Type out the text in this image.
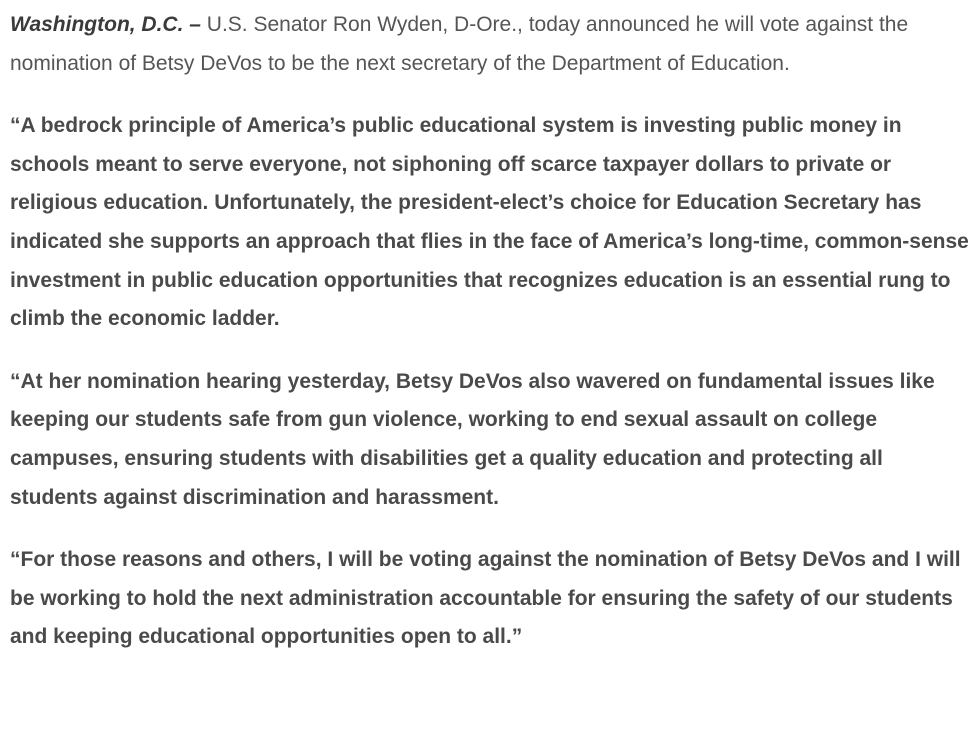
Washington, D.C. – U.S. Senator Ron Wyden, D-Ore., today announced he will vote against the nomination of Betsy DeVos to be the next secretary of the Department of Education.

“A bedrock principle of America’s public educational system is investing public money in schools meant to serve everyone, not siphoning off scarce taxpayer dollars to private or religious education. Unfortunately, the president-elect’s choice for Education Secretary has indicated she supports an approach that flies in the face of America’s long-time, common-sense investment in public education opportunities that recognizes education is an essential rung to climb the economic ladder.

“At her nomination hearing yesterday, Betsy DeVos also wavered on fundamental issues like keeping our students safe from gun violence, working to end sexual assault on college campuses, ensuring students with disabilities get a quality education and protecting all students against discrimination and harassment.

“For those reasons and others, I will be voting against the nomination of Betsy DeVos and I will be working to hold the next administration accountable for ensuring the safety of our students and keeping educational opportunities open to all.”
